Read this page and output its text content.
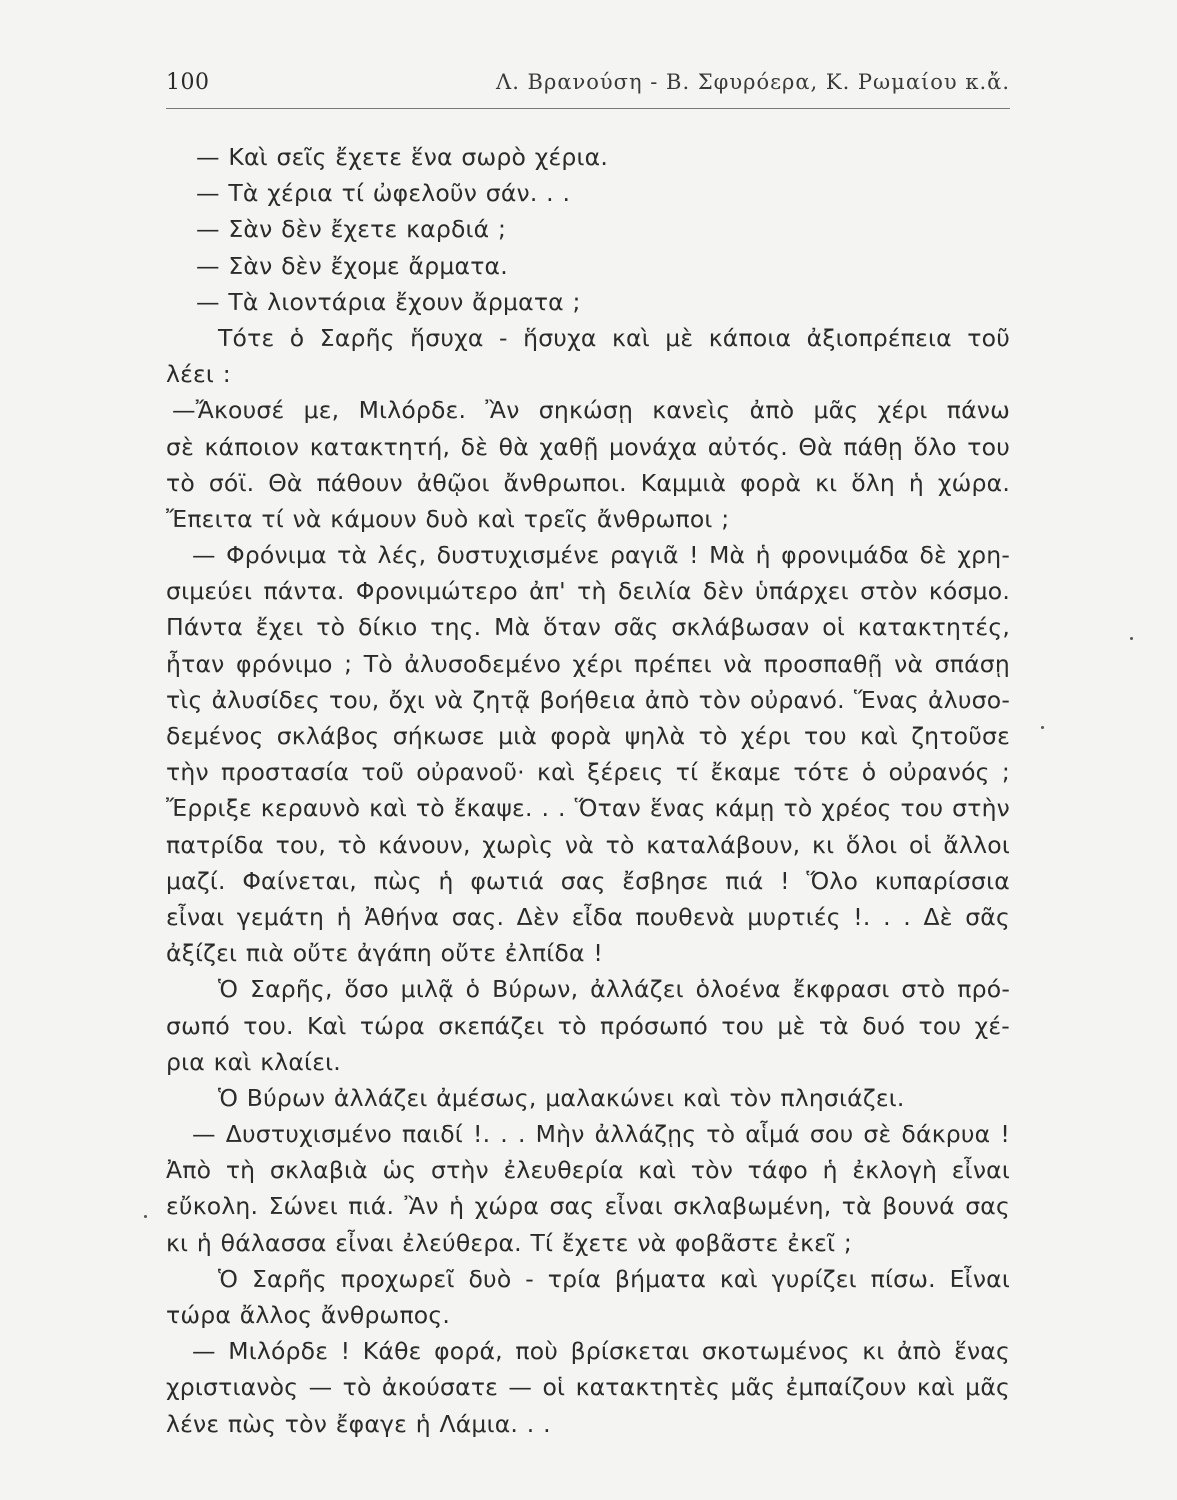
100	Λ. Βρανούση - Β. Σφυρόερα, Κ. Ρωμαίου κ.ἄ.
— Καὶ σεῖς ἔχετε ἕνα σωρὸ χέρια.
— Τὰ χέρια τί ὠφελοῦν σάν. . .
— Σὰν δὲν ἔχετε καρδιά ;
— Σὰν δὲν ἔχομε ἄρματα.
— Τὰ λιοντάρια ἔχουν ἄρματα ;
Τότε ὁ Σαρῆς ἥσυχα - ἥσυχα καὶ μὲ κάποια ἀξιοπρέπεια τοῦ
λέει :
—Ἄκουσέ με, Μιλόρδε. Ἂν σηκώσῃ κανεὶς ἀπὸ μᾶς χέρι πάνω
σὲ κάποιον κατακτητή, δὲ θὰ χαθῇ μονάχα αὐτός. Θὰ πάθῃ ὅλο του
τὸ σόϊ. Θὰ πάθουν ἀθῷοι ἄνθρωποι. Καμμιὰ φορὰ κι ὅλη ἡ χώρα.
Ἔπειτα τί νὰ κάμουν δυὸ καὶ τρεῖς ἄνθρωποι ;
— Φρόνιμα τὰ λές, δυστυχισμένε ραγιᾶ ! Μὰ ἡ φρονιμάδα δὲ χρη-
σιμεύει πάντα. Φρονιμώτερο ἀπ' τὴ δειλία δὲν ὑπάρχει στὸν κόσμο.
Πάντα ἔχει τὸ δίκιο της. Μὰ ὅταν σᾶς σκλάβωσαν οἱ κατακτητές,
ἦταν φρόνιμο ; Τὸ ἀλυσοδεμένο χέρι πρέπει νὰ προσπαθῇ νὰ σπάσῃ
τὶς ἀλυσίδες του, ὄχι νὰ ζητᾷ βοήθεια ἀπὸ τὸν οὐρανό. Ἕνας ἀλυσο-
δεμένος σκλάβος σήκωσε μιὰ φορὰ ψηλὰ τὸ χέρι του καὶ ζητοῦσε
τὴν προστασία τοῦ οὐρανοῦ· καὶ ξέρεις τί ἔκαμε τότε ὁ οὐρανός ;
Ἔρριξε κεραυνὸ καὶ τὸ ἔκαψε. . . Ὅταν ἕνας κάμῃ τὸ χρέος του στὴν
πατρίδα του, τὸ κάνουν, χωρὶς νὰ τὸ καταλάβουν, κι ὅλοι οἱ ἄλλοι
μαζί. Φαίνεται, πὼς ἡ φωτιά σας ἔσβησε πιά ! Ὅλο κυπαρίσσια
εἶναι γεμάτη ἡ Ἀθήνα σας. Δὲν εἶδα πουθενὰ μυρτιές !. . . Δὲ σᾶς
ἀξίζει πιὰ οὔτε ἀγάπη οὔτε ἐλπίδα !
Ὁ Σαρῆς, ὅσο μιλᾷ ὁ Βύρων, ἀλλάζει ὁλοένα ἔκφρασι στὸ πρό-
σωπό του. Καὶ τώρα σκεπάζει τὸ πρόσωπό του μὲ τὰ δυό του χέ-
ρια καὶ κλαίει.
Ὁ Βύρων ἀλλάζει ἀμέσως, μαλακώνει καὶ τὸν πλησιάζει.
— Δυστυχισμένο παιδί !. . . Μὴν ἀλλάζῃς τὸ αἷμά σου σὲ δάκρυα !
Ἀπὸ τὴ σκλαβιὰ ὡς στὴν ἐλευθερία καὶ τὸν τάφο ἡ ἐκλογὴ εἶναι
εὔκολη. Σώνει πιά. Ἂν ἡ χώρα σας εἶναι σκλαβωμένη, τὰ βουνά σας
κι ἡ θάλασσα εἶναι ἐλεύθερα. Τί ἔχετε νὰ φοβᾶστε ἐκεῖ ;
Ὁ Σαρῆς προχωρεῖ δυὸ - τρία βήματα καὶ γυρίζει πίσω. Εἶναι
τώρα ἄλλος ἄνθρωπος.
— Μιλόρδε ! Κάθε φορά, ποὺ βρίσκεται σκοτωμένος κι ἀπὸ ἕνας
χριστιανὸς — τὸ ἀκούσατε — οἱ κατακτητὲς μᾶς ἐμπαίζουν καὶ μᾶς
λένε πὼς τὸν ἔφαγε ἡ Λάμια. . .
